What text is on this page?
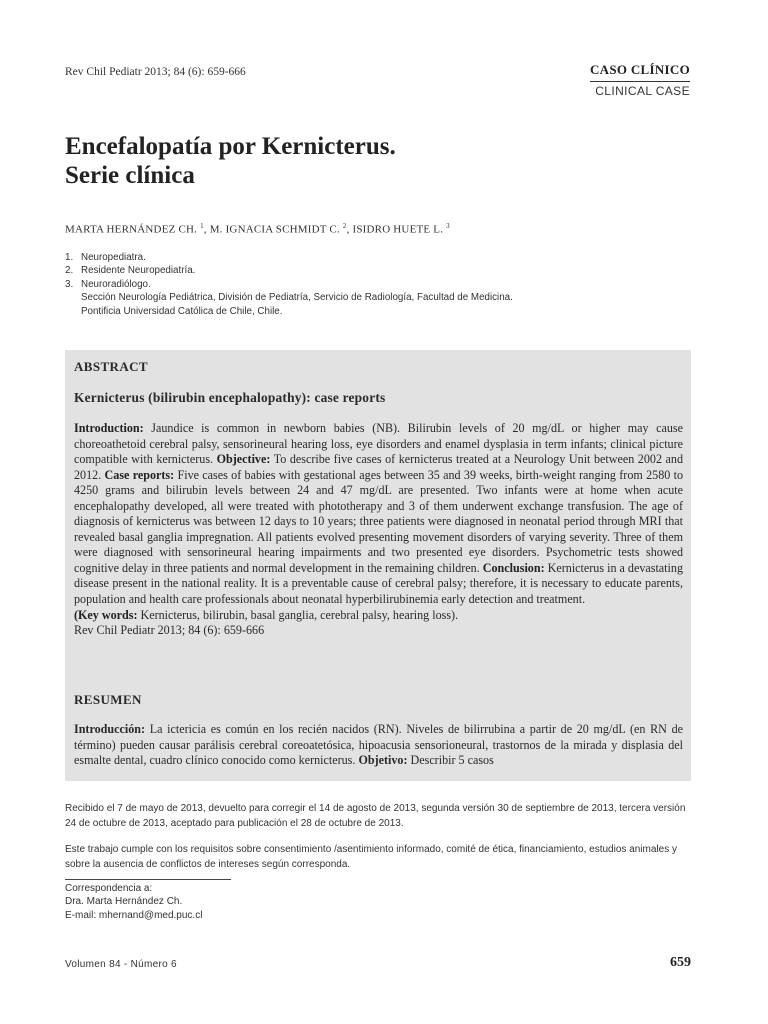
Rev Chil Pediatr 2013; 84 (6): 659-666	CASO CLÍNICO
CLINICAL CASE
Encefalopatía por Kernicterus.
Serie clínica
MARTA HERNÁNDEZ CH. $^1$, M. IGNACIA SCHMIDT C. $^2$, ISIDRO HUETE L. $^3$
1. Neuropediatra.
2. Residente Neuropediatría.
3. Neuroradiólogo.
Sección Neurología Pediátrica, División de Pediatría, Servicio de Radiología, Facultad de Medicina.
Pontificia Universidad Católica de Chile, Chile.
ABSTRACT
Kernicterus (bilirubin encephalopathy): case reports
Introduction: Jaundice is common in newborn babies (NB). Bilirubin levels of 20 mg/dL or higher may cause choreoathetoid cerebral palsy, sensorineural hearing loss, eye disorders and enamel dysplasia in term infants; clinical picture compatible with kernicterus. Objective: To describe five cases of kernicterus treated at a Neurology Unit between 2002 and 2012. Case reports: Five cases of babies with gestational ages between 35 and 39 weeks, birth-weight ranging from 2580 to 4250 grams and bilirubin levels between 24 and 47 mg/dL are presented. Two infants were at home when acute encephalopathy developed, all were treated with phototherapy and 3 of them underwent exchange transfusion. The age of diagnosis of kernicterus was between 12 days to 10 years; three patients were diagnosed in neonatal period through MRI that revealed basal ganglia impregnation. All patients evolved presenting movement disorders of varying severity. Three of them were diagnosed with sensorineural hearing impairments and two presented eye disorders. Psychometric tests showed cognitive delay in three patients and normal development in the remaining children. Conclusion: Kernicterus in a devastating disease present in the national reality. It is a preventable cause of cerebral palsy; therefore, it is necessary to educate parents, population and health care professionals about neonatal hyperbilirubinemia early detection and treatment.
(Key words: Kernicterus, bilirubin, basal ganglia, cerebral palsy, hearing loss).
Rev Chil Pediatr 2013; 84 (6): 659-666
RESUMEN
Introducción: La ictericia es común en los recién nacidos (RN). Niveles de bilirrubina a partir de 20 mg/dL (en RN de término) pueden causar parálisis cerebral coreoatetósica, hipoacusia sensorioneural, trastornos de la mirada y displasia del esmalte dental, cuadro clínico conocido como kernicterus. Objetivo: Describir 5 casos
Recibido el 7 de mayo de 2013, devuelto para corregir el 14 de agosto de 2013, segunda versión 30 de septiembre de 2013, tercera versión 24 de octubre de 2013, aceptado para publicación el 28 de octubre de 2013.
Este trabajo cumple con los requisitos sobre consentimiento /asentimiento informado, comité de ética, financiamiento, estudios animales y sobre la ausencia de conflictos de intereses según corresponda.
Correspondencia a:
Dra. Marta Hernández Ch.
E-mail: mhernand@med.puc.cl
Volumen 84 - Número 6	659
